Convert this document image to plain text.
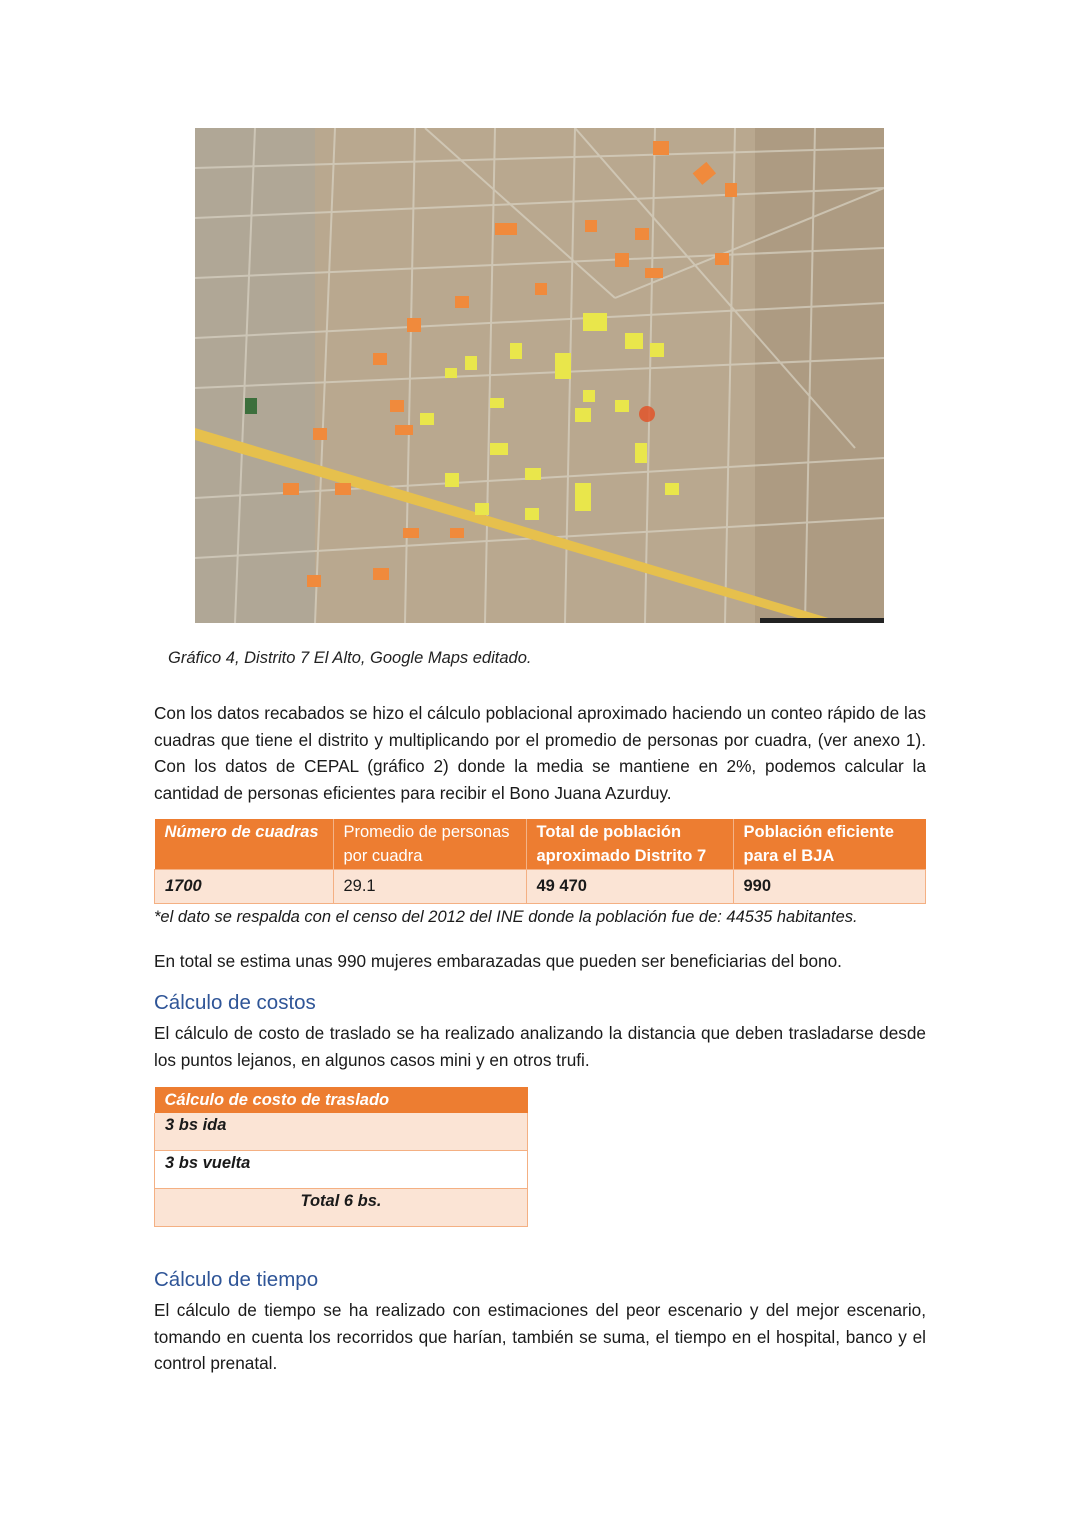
Gráfico 4, Distrito 7 El Alto, Google Maps editado.

Con los datos recabados se hizo el cálculo poblacional aproximado haciendo un conteo rápido de las cuadras que tiene el distrito y multiplicando por el promedio de personas por cuadra, (ver anexo 1). Con los datos de CEPAL (gráfico 2) donde la media se mantiene en 2%, podemos calcular la cantidad de personas eficientes para recibir el Bono Juana Azurduy.

Número de cuadras	Promedio de personas por cuadra	Total de población aproximado Distrito 7	Población eficiente para el BJA
1700	29.1	49 470	990
*el dato se respalda con el censo del 2012 del INE donde la población fue de: 44535 habitantes.

En total se estima unas 990 mujeres embarazadas que pueden ser beneficiarias del bono.

Cálculo de costos

El cálculo de costo de traslado se ha realizado analizando la distancia que deben trasladarse desde los puntos lejanos, en algunos casos mini y en otros trufi.

Cálculo de costo de traslado
3 bs ida
3 bs vuelta
Total 6 bs.
Cálculo de tiempo

El cálculo de tiempo se ha realizado con estimaciones del peor escenario y del mejor escenario, tomando en cuenta los recorridos que harían, también se suma, el tiempo en el hospital, banco y el control prenatal.
